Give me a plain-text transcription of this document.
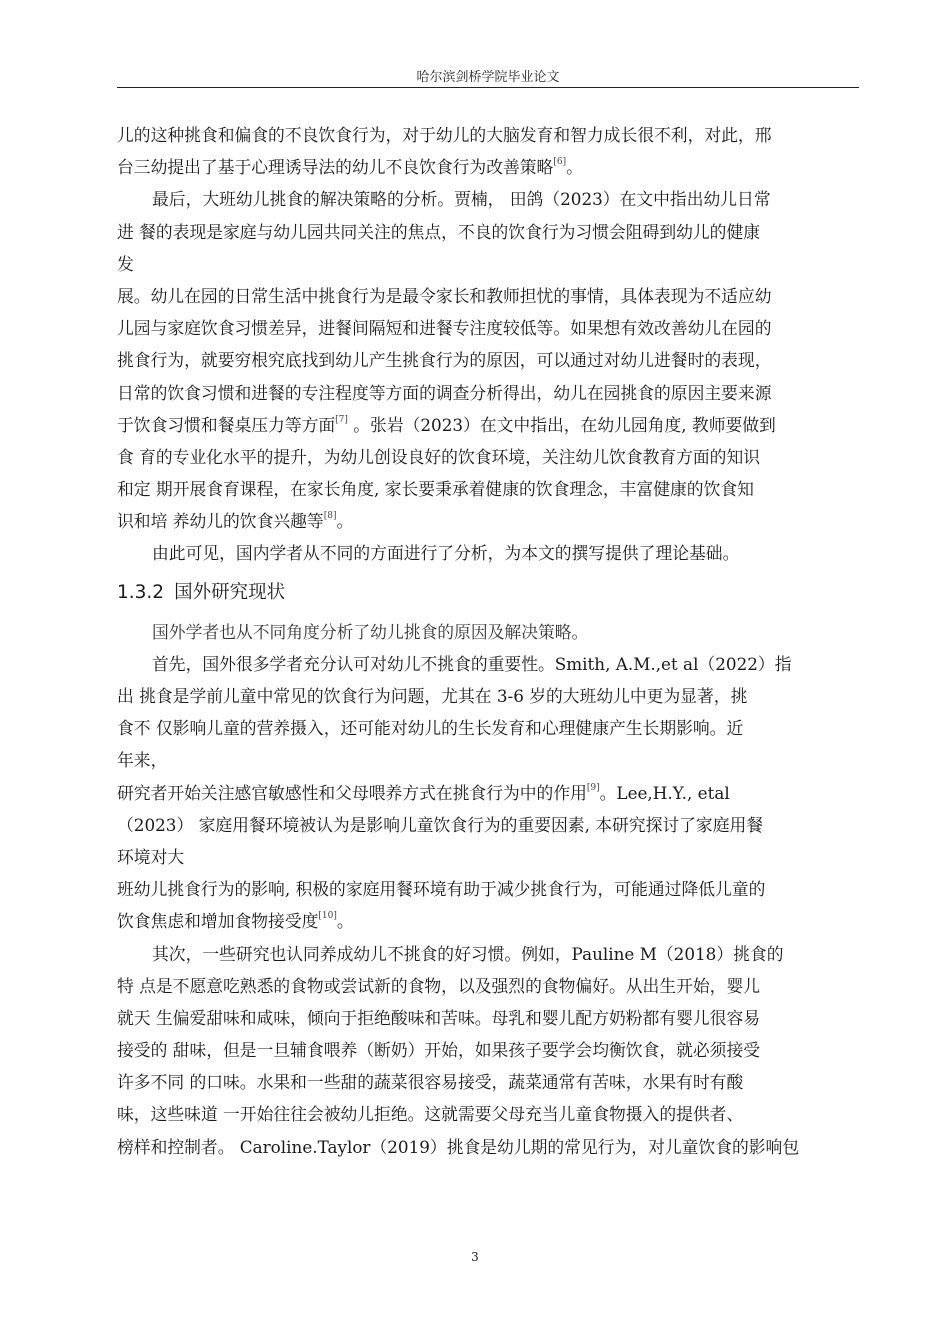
哈尔滨剑桥学院毕业论文
儿的这种挑食和偏食的不良饮食行为，对于幼儿的大脑发育和智力成长很不利，对此，邢
台三幼提出了基于心理诱导法的幼儿不良饮食行为改善策略[6]。
最后，大班幼儿挑食的解决策略的分析。贾楠， 田鸽（2023）在文中指出幼儿日常
进 餐的表现是家庭与幼儿园共同关注的焦点，不良的饮食行为习惯会阻碍到幼儿的健康
发
展。幼儿在园的日常生活中挑食行为是最令家长和教师担忧的事情，具体表现为不适应幼
儿园与家庭饮食习惯差异，进餐间隔短和进餐专注度较低等。如果想有效改善幼儿在园的
挑食行为，就要穷根究底找到幼儿产生挑食行为的原因，可以通过对幼儿进餐时的表现，
日常的饮食习惯和进餐的专注程度等方面的调查分析得出，幼儿在园挑食的原因主要来源
于饮食习惯和餐桌压力等方面[7] 。张岩（2023）在文中指出，在幼儿园角度, 教师要做到
食 育的专业化水平的提升，为幼儿创设良好的饮食环境，关注幼儿饮食教育方面的知识
和定 期开展食育课程，在家长角度, 家长要秉承着健康的饮食理念，丰富健康的饮食知
识和培 养幼儿的饮食兴趣等[8]。
由此可见，国内学者从不同的方面进行了分析，为本文的撰写提供了理论基础。
1.3.2 国外研究现状
国外学者也从不同角度分析了幼儿挑食的原因及解决策略。
首先，国外很多学者充分认可对幼儿不挑食的重要性。Smith, A.M.,et al（2022）指
出 挑食是学前儿童中常见的饮食行为问题，尤其在 3-6 岁的大班幼儿中更为显著，挑
食不 仅影响儿童的营养摄入，还可能对幼儿的生长发育和心理健康产生长期影响。近
年来，
研究者开始关注感官敏感性和父母喂养方式在挑食行为中的作用[9]。Lee,H.Y., etal
（2023） 家庭用餐环境被认为是影响儿童饮食行为的重要因素, 本研究探讨了家庭用餐
环境对大
班幼儿挑食行为的影响, 积极的家庭用餐环境有助于减少挑食行为，可能通过降低儿童的
饮食焦虑和增加食物接受度[10]。
其次，一些研究也认同养成幼儿不挑食的好习惯。例如，Pauline M（2018）挑食的
特 点是不愿意吃熟悉的食物或尝试新的食物，以及强烈的食物偏好。从出生开始，婴儿
就天 生偏爱甜味和咸味，倾向于拒绝酸味和苦味。母乳和婴儿配方奶粉都有婴儿很容易
接受的 甜味，但是一旦辅食喂养（断奶）开始，如果孩子要学会均衡饮食，就必须接受
许多不同 的口味。水果和一些甜的蔬菜很容易接受，蔬菜通常有苦味，水果有时有酸
味，这些味道 一开始往往会被幼儿拒绝。这就需要父母充当儿童食物摄入的提供者、
榜样和控制者。 Caroline.Taylor（2019）挑食是幼儿期的常见行为，对儿童饮食的影响包
3
